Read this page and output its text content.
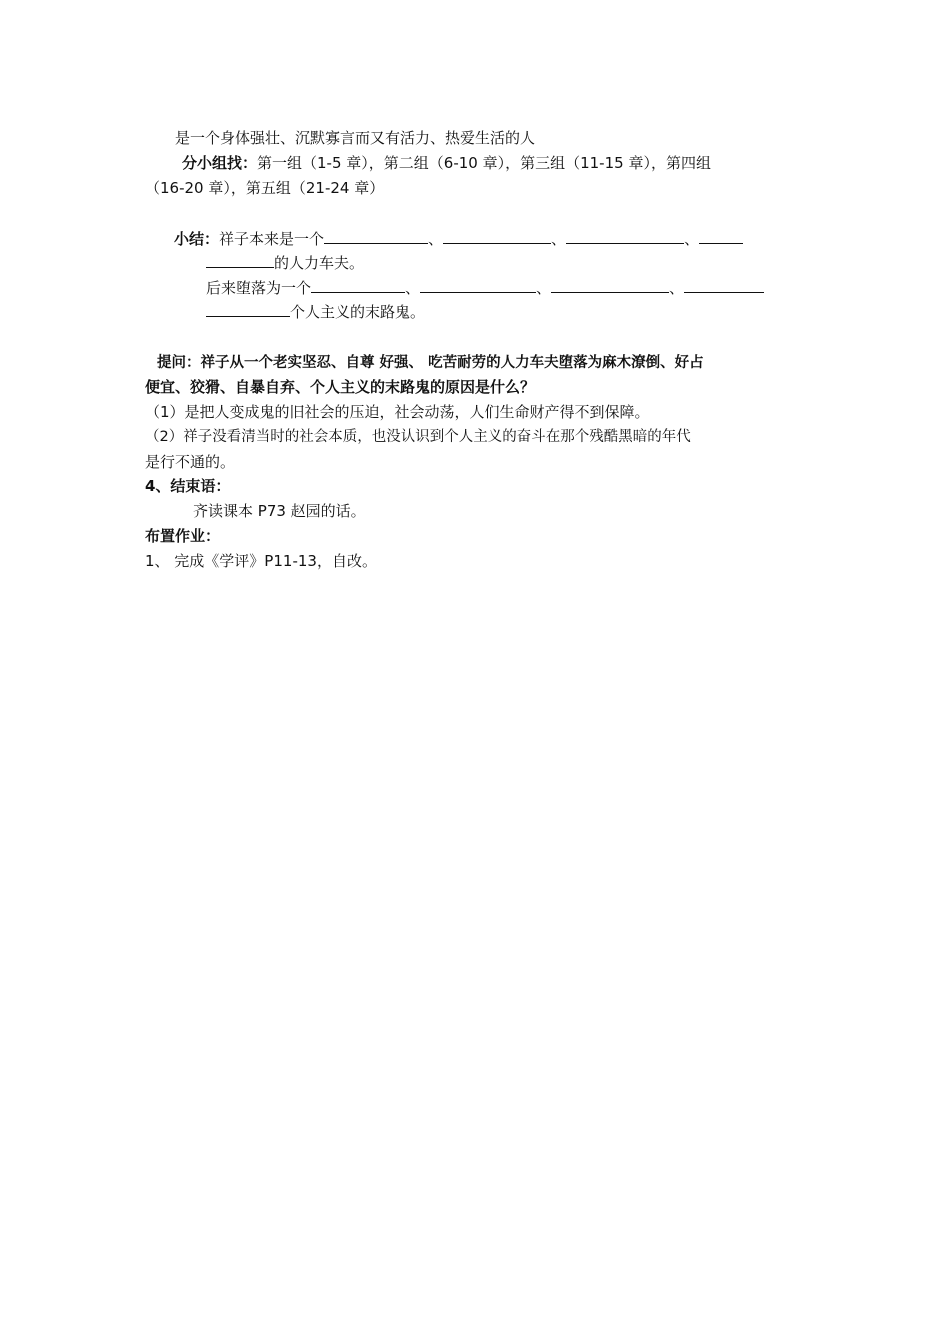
是一个身体强壮、沉默寡言而又有活力、热爱生活的人
分小组找：第一组（1-5 章），第二组（6-10 章），第三组（11-15 章），第四组
（16-20 章），第五组（21-24 章）
小结：祥子本来是一个	、	、	、
的人力车夫。
后来堕落为一个	、	、	、
个人主义的末路鬼。
提问：祥子从一个老实坚忍、自尊 好强、 吃苦耐劳的人力车夫堕落为麻木潦倒、好占
便宜、狡猾、自暴自弃、个人主义的末路鬼的原因是什么？
（1）是把人变成鬼的旧社会的压迫，社会动荡，人们生命财产得不到保障。
（2）祥子没看清当时的社会本质，也没认识到个人主义的奋斗在那个残酷黑暗的年代
是行不通的。
4、结束语：
齐读课本 P73 赵园的话。
布置作业：
1、 完成《学评》P11-13，自改。
